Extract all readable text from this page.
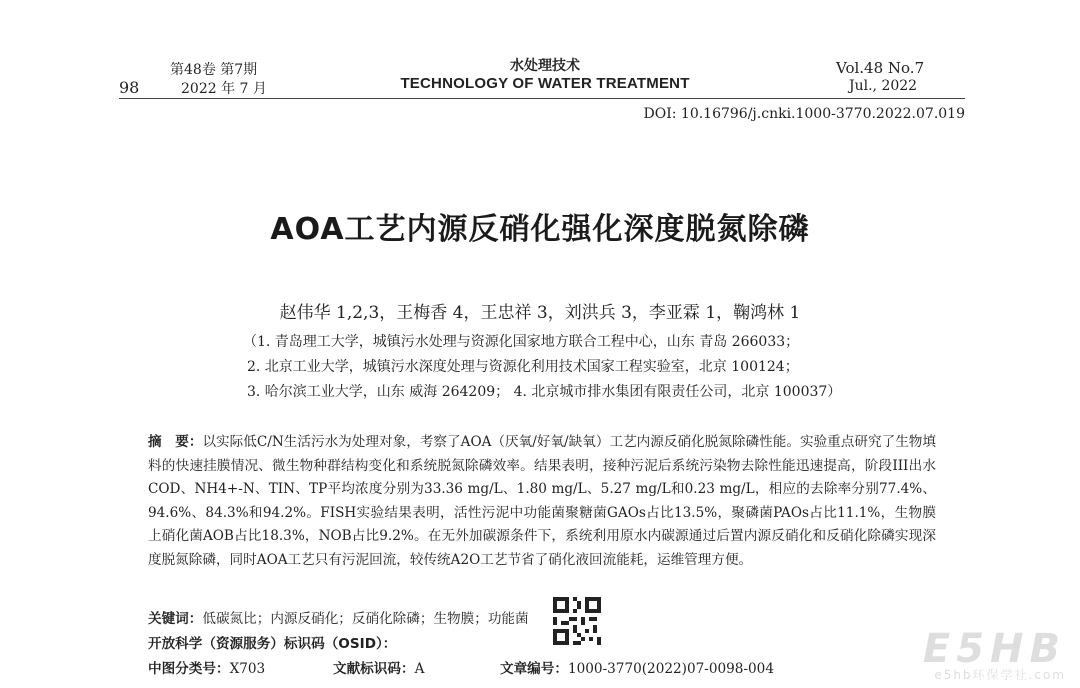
第48卷 第7期
98	2022 年 7 月
水处理技术
TECHNOLOGY OF WATER TREATMENT
Vol.48 No.7
Jul., 2022
DOI: 10.16796/j.cnki.1000-3770.2022.07.019
AOA工艺内源反硝化强化深度脱氮除磷
赵伟华 1,2,3，王梅香 4，王忠祥 3，刘洪兵 3，李亚霖 1，鞠鸿林 1
（1. 青岛理工大学，城镇污水处理与资源化国家地方联合工程中心，山东 青岛 266033；
2. 北京工业大学，城镇污水深度处理与资源化利用技术国家工程实验室，北京 100124；
3. 哈尔滨工业大学，山东 威海 264209； 4. 北京城市排水集团有限责任公司，北京 100037）
摘　要：以实际低C/N生活污水为处理对象，考察了AOA（厌氧/好氧/缺氧）工艺内源反硝化脱氮除磷性能。实验重点研究了生物填料的快速挂膜情况、微生物种群结构变化和系统脱氮除磷效率。结果表明，接种污泥后系统污染物去除性能迅速提高，阶段III出水COD、NH4+-N、TIN、TP平均浓度分别为33.36 mg/L、1.80 mg/L、5.27 mg/L和0.23 mg/L，相应的去除率分别77.4%、94.6%、84.3%和94.2%。FISH实验结果表明，活性污泥中功能菌聚糖菌GAOs占比13.5%，聚磷菌PAOs占比11.1%，生物膜上硝化菌AOB占比18.3%，NOB占比9.2%。在无外加碳源条件下，系统利用原水内碳源通过后置内源反硝化和反硝化除磷实现深度脱氮除磷，同时AOA工艺只有污泥回流，较传统A2O工艺节省了硝化液回流能耗，运维管理方便。
关键词：低碳氮比；内源反硝化；反硝化除磷；生物膜；功能菌
开放科学（资源服务）标识码（OSID）：
中图分类号：X703	文献标识码：A	文章编号：1000-3770(2022)07-0098-004	E5HB
e5hb环保学社.com
